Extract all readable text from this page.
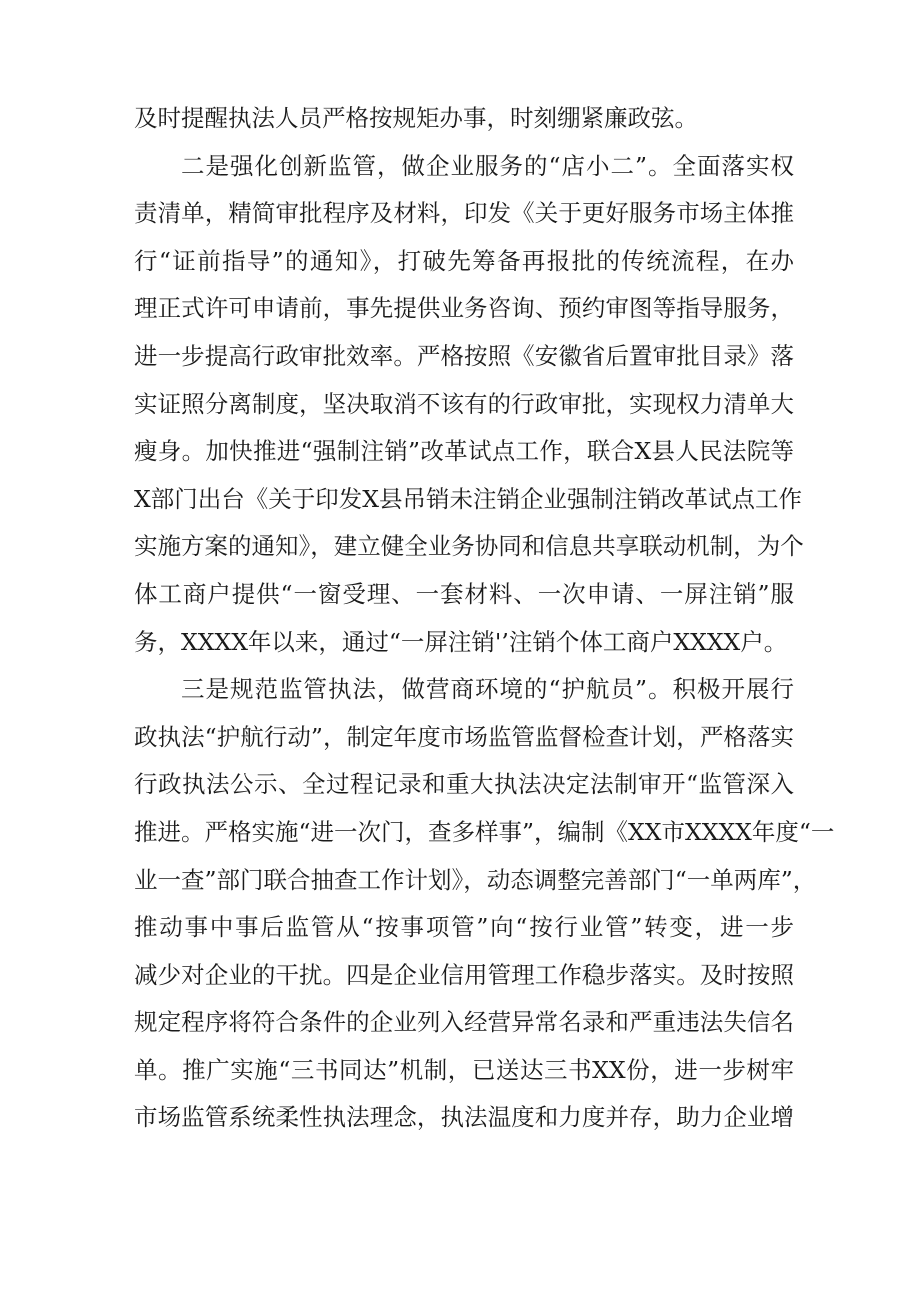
及时提醒执法人员严格按规矩办事，时刻绷紧廉政弦。
二是强化创新监管，做企业服务的“店小二”。全面落实权
责清单，精简审批程序及材料，印发《关于更好服务市场主体推
行“证前指导”的通知》，打破先筹备再报批的传统流程，在办
理正式许可申请前，事先提供业务咨询、预约审图等指导服务，
进一步提高行政审批效率。严格按照《安徽省后置审批目录》落
实证照分离制度，坚决取消不该有的行政审批，实现权力清单大
瘦身。加快推进“强制注销”改革试点工作，联合X县人民法院等
X部门出台《关于印发X县吊销未注销企业强制注销改革试点工作
实施方案的通知》，建立健全业务协同和信息共享联动机制，为个
体工商户提供“一窗受理、一套材料、一次申请、一屏注销”服
务，XXXX年以来，通过“一屏注销'’注销个体工商户XXXX户。
三是规范监管执法，做营商环境的“护航员”。积极开展行
政执法“护航行动”，制定年度市场监管监督检查计划，严格落实
行政执法公示、全过程记录和重大执法决定法制审开“监管深入
推进。严格实施“进一次门，查多样事”，编制《XX市XXXX年度“一
业一查”部门联合抽查工作计划》，动态调整完善部门“一单两库”，
推动事中事后监管从“按事项管”向“按行业管”转变，进一步
减少对企业的干扰。四是企业信用管理工作稳步落实。及时按照
规定程序将符合条件的企业列入经营异常名录和严重违法失信名
单。推广实施“三书同达”机制，已送达三书XX份，进一步树牢
市场监管系统柔性执法理念，执法温度和力度并存，助力企业增
